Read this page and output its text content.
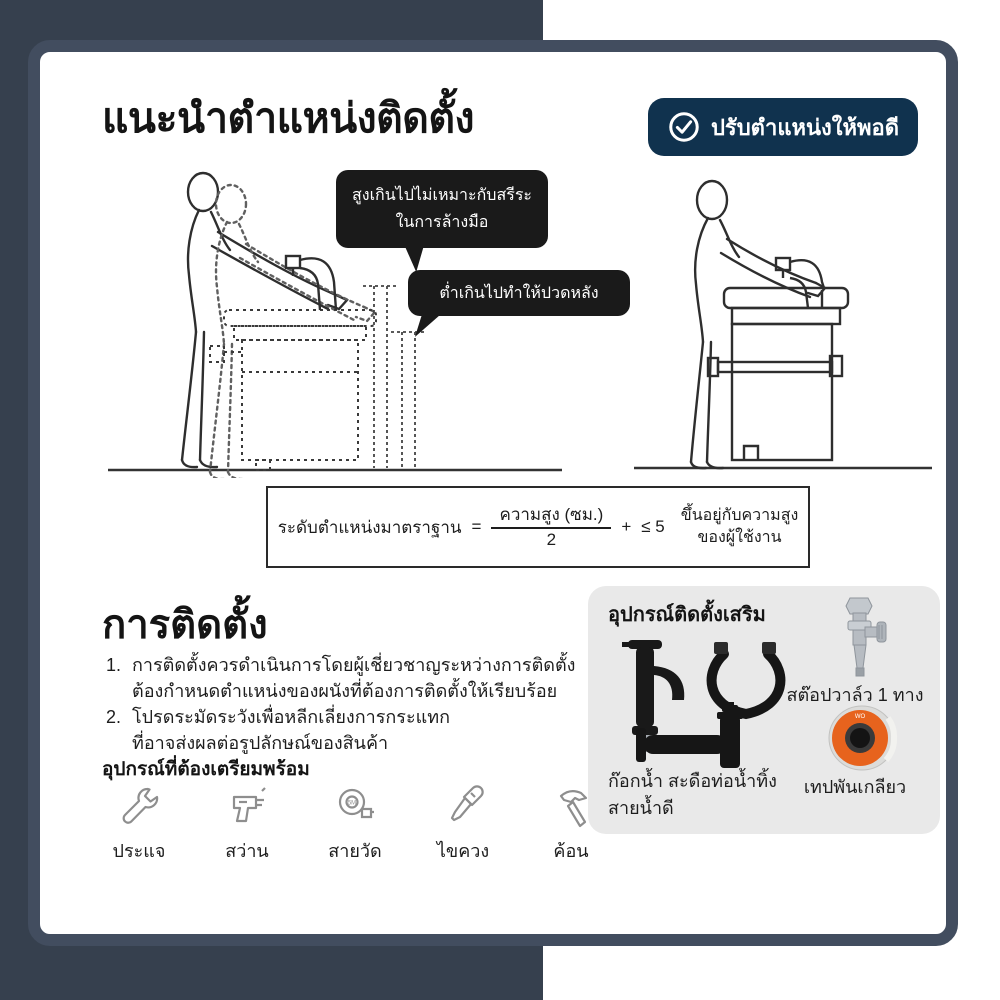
แนะนำตำแหน่งติดตั้ง	ปรับตำแหน่งให้พอดี
สูงเกินไปไม่เหมาะกับสรีระ
ในการล้างมือ
ต่ำเกินไปทำให้ปวดหลัง
ระดับตำแหน่งมาตราฐาน = $\frac{\text{ความสูง (ซม.)}}{2}$ + ≤ 5
ขึ้นอยู่กับความสูง
ของผู้ใช้งาน
การติดตั้ง
1. การติดตั้งควรดำเนินการโดยผู้เชี่ยวชาญระหว่างการติดตั้ง
ต้องกำหนดตำแหน่งของผนังที่ต้องการติดตั้งให้เรียบร้อย
2. โปรดระมัดระวังเพื่อหลีกเลี่ยงการกระแทก
ที่อาจส่งผลต่อรูปลักษณ์ของสินค้า
อุปกรณ์ที่ต้องเตรียมพร้อม
ประแจ	สว่าน
5M
สายวัด	ไขควง	ค้อน
อุปกรณ์ติดตั้งเสริม
ก๊อกน้ำ สะดือท่อน้ำทิ้ง
สายน้ำดี
สต๊อปวาล์ว 1 ทาง
WO
เทปพันเกลียว
